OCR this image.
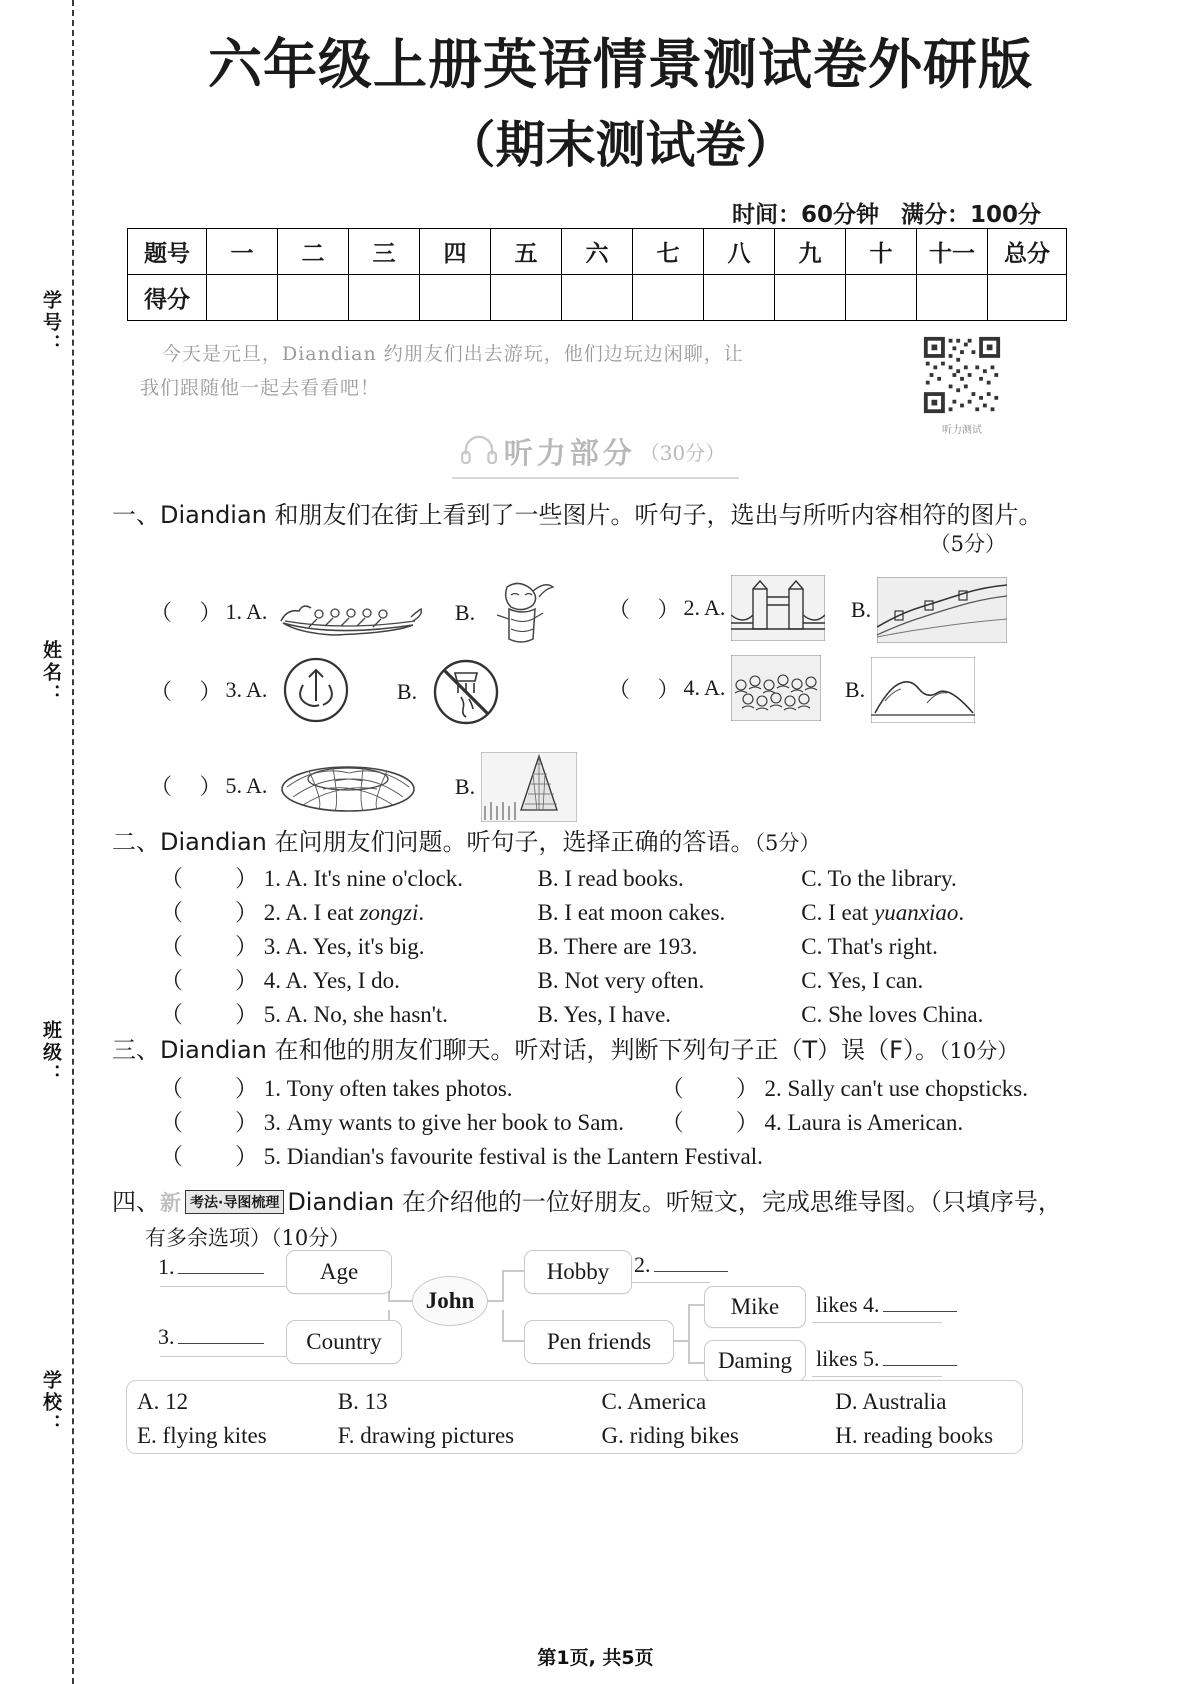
学号：
姓名：
班级：
学校：
六年级上册英语情景测试卷外研版
（期末测试卷）
时间：60分钟 满分：100分
题号	一	二	三	四	五	六	七	八	九	十	十一	总分
得分												
今天是元旦，Diandian 约朋友们出去游玩，他们边玩边闲聊，让
我们跟随他一起去看看吧！
听力测试
听力部分 （30分）
一、Diandian 和朋友们在街上看到了一些图片。听句子，选出与所听内容相符的图片。
（5分）
（     ） 1. A.
	B.	（     ） 2. A.
	B.
（     ） 3. A.
	B.	（     ） 4. A.
	B.
（     ） 5. A.
	B.
二、Diandian 在问朋友们问题。听句子，选择正确的答语。（5分）
（ ） 1. A. It's nine o'clock.	B. I read books.	C. To the library.
（ ） 2. A. I eat zongzi.	B. I eat moon cakes.	C. I eat yuanxiao.
（ ） 3. A. Yes, it's big.	B. There are 193.	C. That's right.
（ ） 4. A. Yes, I do.	B. Not very often.	C. Yes, I can.
（ ） 5. A. No, she hasn't.	B. Yes, I have.	C. She loves China.
三、Diandian 在和他的朋友们聊天。听对话，判断下列句子正（T）误（F）。（10分）
（ ） 1. Tony often takes photos.	（ ） 2. Sally can't use chopsticks.
（ ） 3. Amy wants to give her book to Sam. （ ） 4. Laura is American.
（ ） 5. Diandian's favourite festival is the Lantern Festival.
四、新 考法·导图梳理 Diandian 在介绍他的一位好朋友。听短文，完成思维导图。（只填序号，
有多余选项）（10分）
1.
3.
Age
Country
John
Hobby
Pen friends
Mike
Daming
2.
likes 4.
likes 5.
A. 12	B. 13	C. America	D. Australia
E. flying kites	F. drawing pictures	G. riding bikes	H. reading books
第1页, 共5页
